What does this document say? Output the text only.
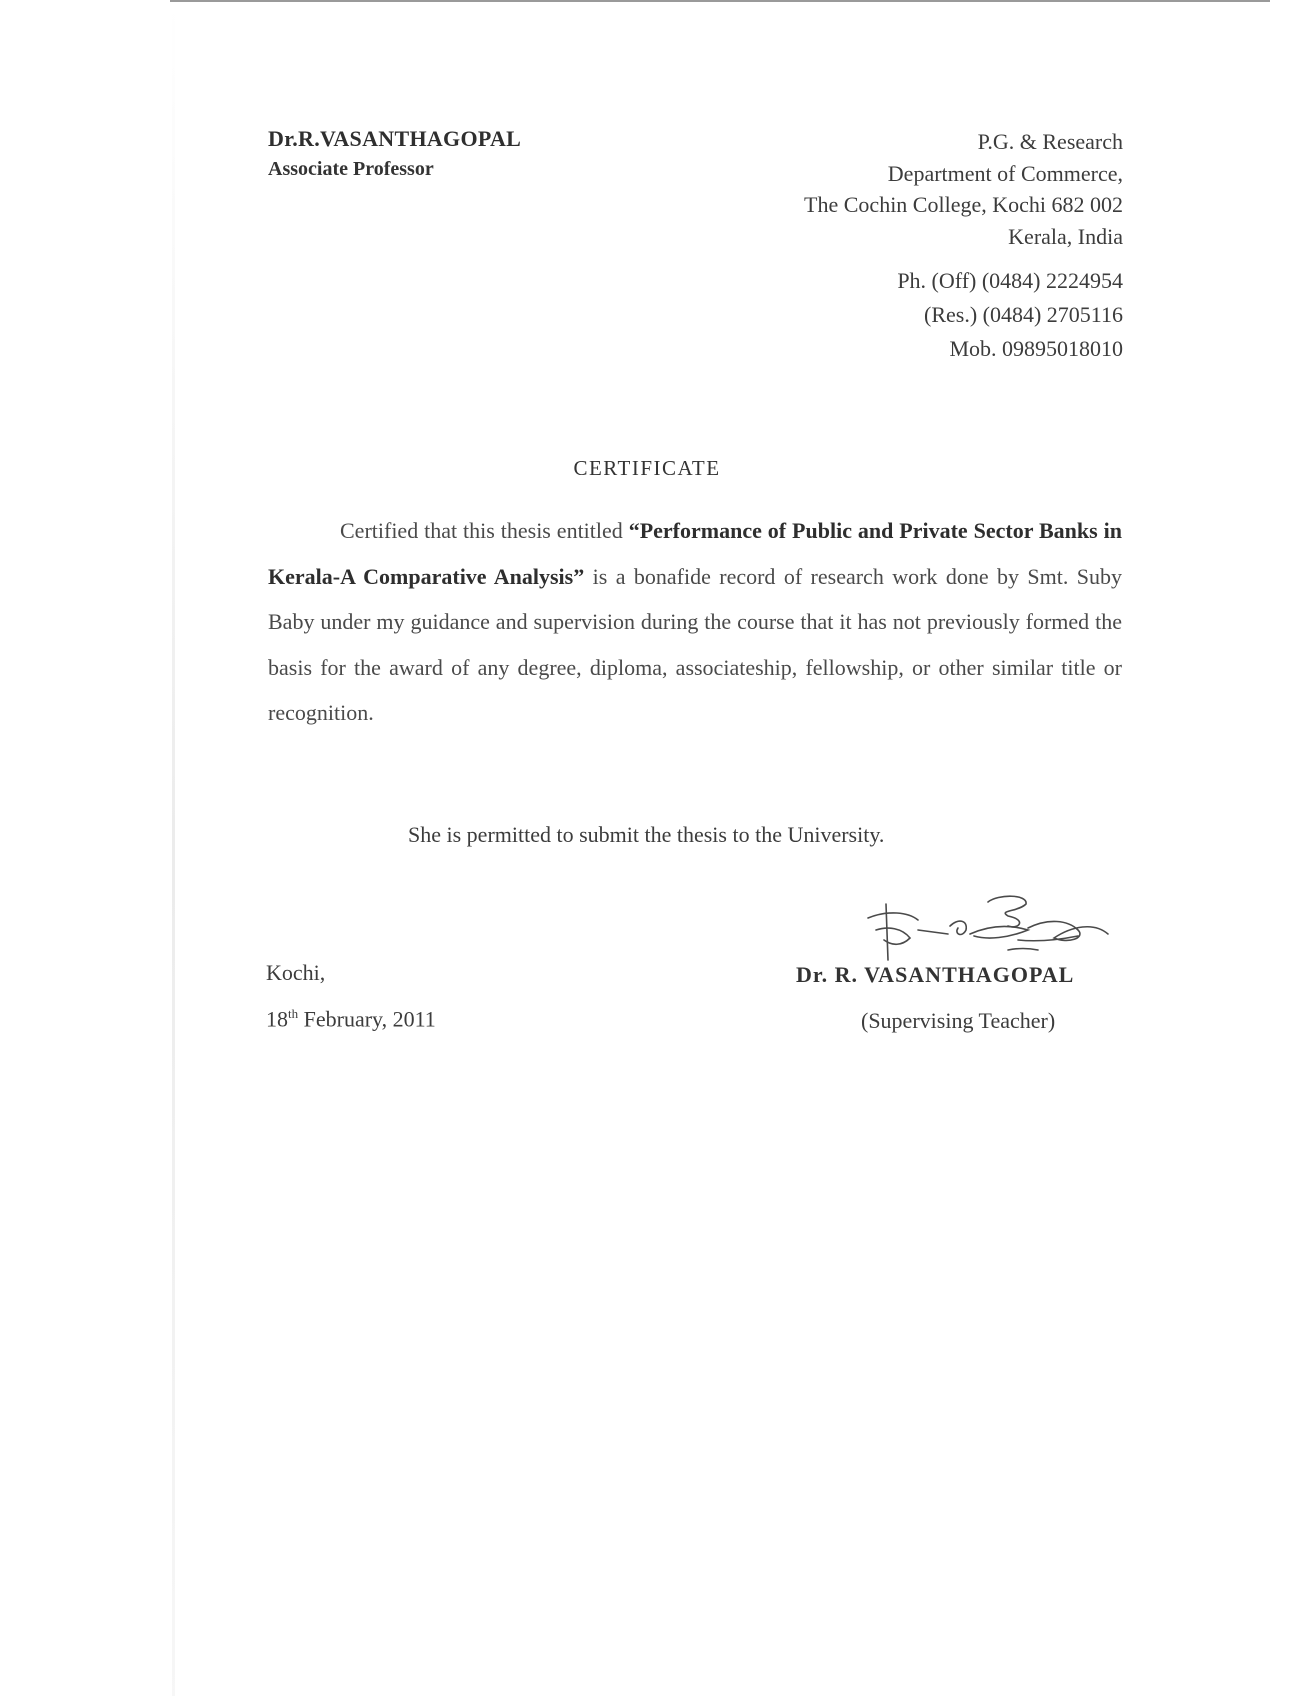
Dr.R.VASANTHAGOPAL
Associate Professor
P.G. & Research
Department of Commerce,
The Cochin College, Kochi 682 002
Kerala, India
Ph. (Off) (0484) 2224954
(Res.) (0484) 2705116
Mob. 09895018010
CERTIFICATE
Certified that this thesis entitled “Performance of Public and Private Sector Banks in Kerala-A Comparative Analysis” is a bonafide record of research work done by Smt. Suby Baby under my guidance and supervision during the course that it has not previously formed the basis for the award of any degree, diploma, associateship, fellowship, or other similar title or recognition.
She is permitted to submit the thesis to the University.
Kochi,
18th February, 2011
Dr. R. VASANTHAGOPAL
(Supervising Teacher)
